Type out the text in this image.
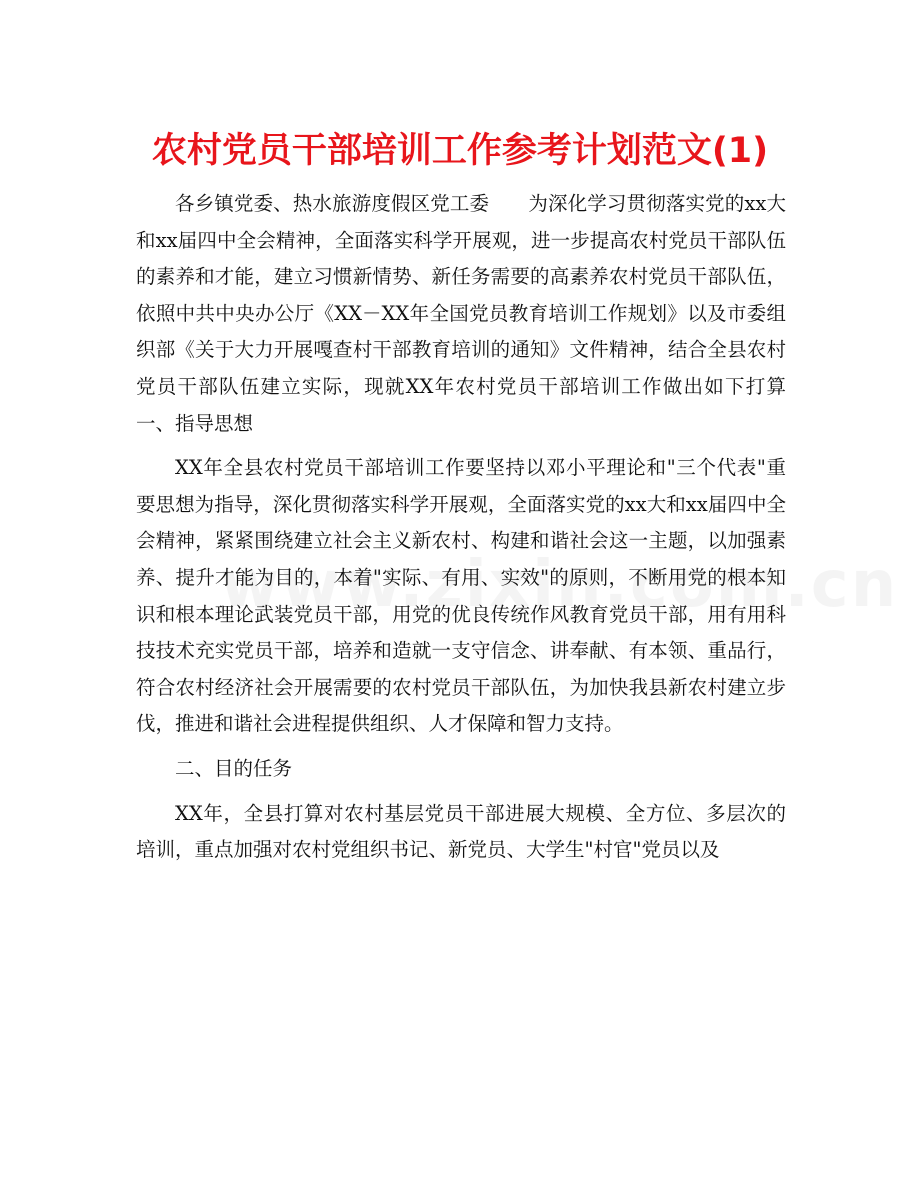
农村党员干部培训工作参考计划范文(1)

各乡镇党委、热水旅游度假区党工委　　为深化学习贯彻落实党的xx大和xx届四中全会精神，全面落实科学开展观，进一步提高农村党员干部队伍的素养和才能，建立习惯新情势、新任务需要的高素养农村党员干部队伍，依照中共中央办公厅《XX－XX年全国党员教育培训工作规划》以及市委组织部《关于大力开展嘎查村干部教育培训的通知》文件精神，结合全县农村党员干部队伍建立实际，现就XX年农村党员干部培训工作做出如下打算　　一、指导思想

XX年全县农村党员干部培训工作要坚持以邓小平理论和"三个代表"重要思想为指导，深化贯彻落实科学开展观，全面落实党的xx大和xx届四中全会精神，紧紧围绕建立社会主义新农村、构建和谐社会这一主题，以加强素养、提升才能为目的，本着"实际、有用、实效"的原则，不断用党的根本知识和根本理论武装党员干部，用党的优良传统作风教育党员干部，用有用科技技术充实党员干部，培养和造就一支守信念、讲奉献、有本领、重品行，符合农村经济社会开展需要的农村党员干部队伍，为加快我县新农村建立步伐，推进和谐社会进程提供组织、人才保障和智力支持。

二、目的任务

XX年，全县打算对农村基层党员干部进展大规模、全方位、多层次的培训，重点加强对农村党组织书记、新党员、大学生"村官"党员以及
